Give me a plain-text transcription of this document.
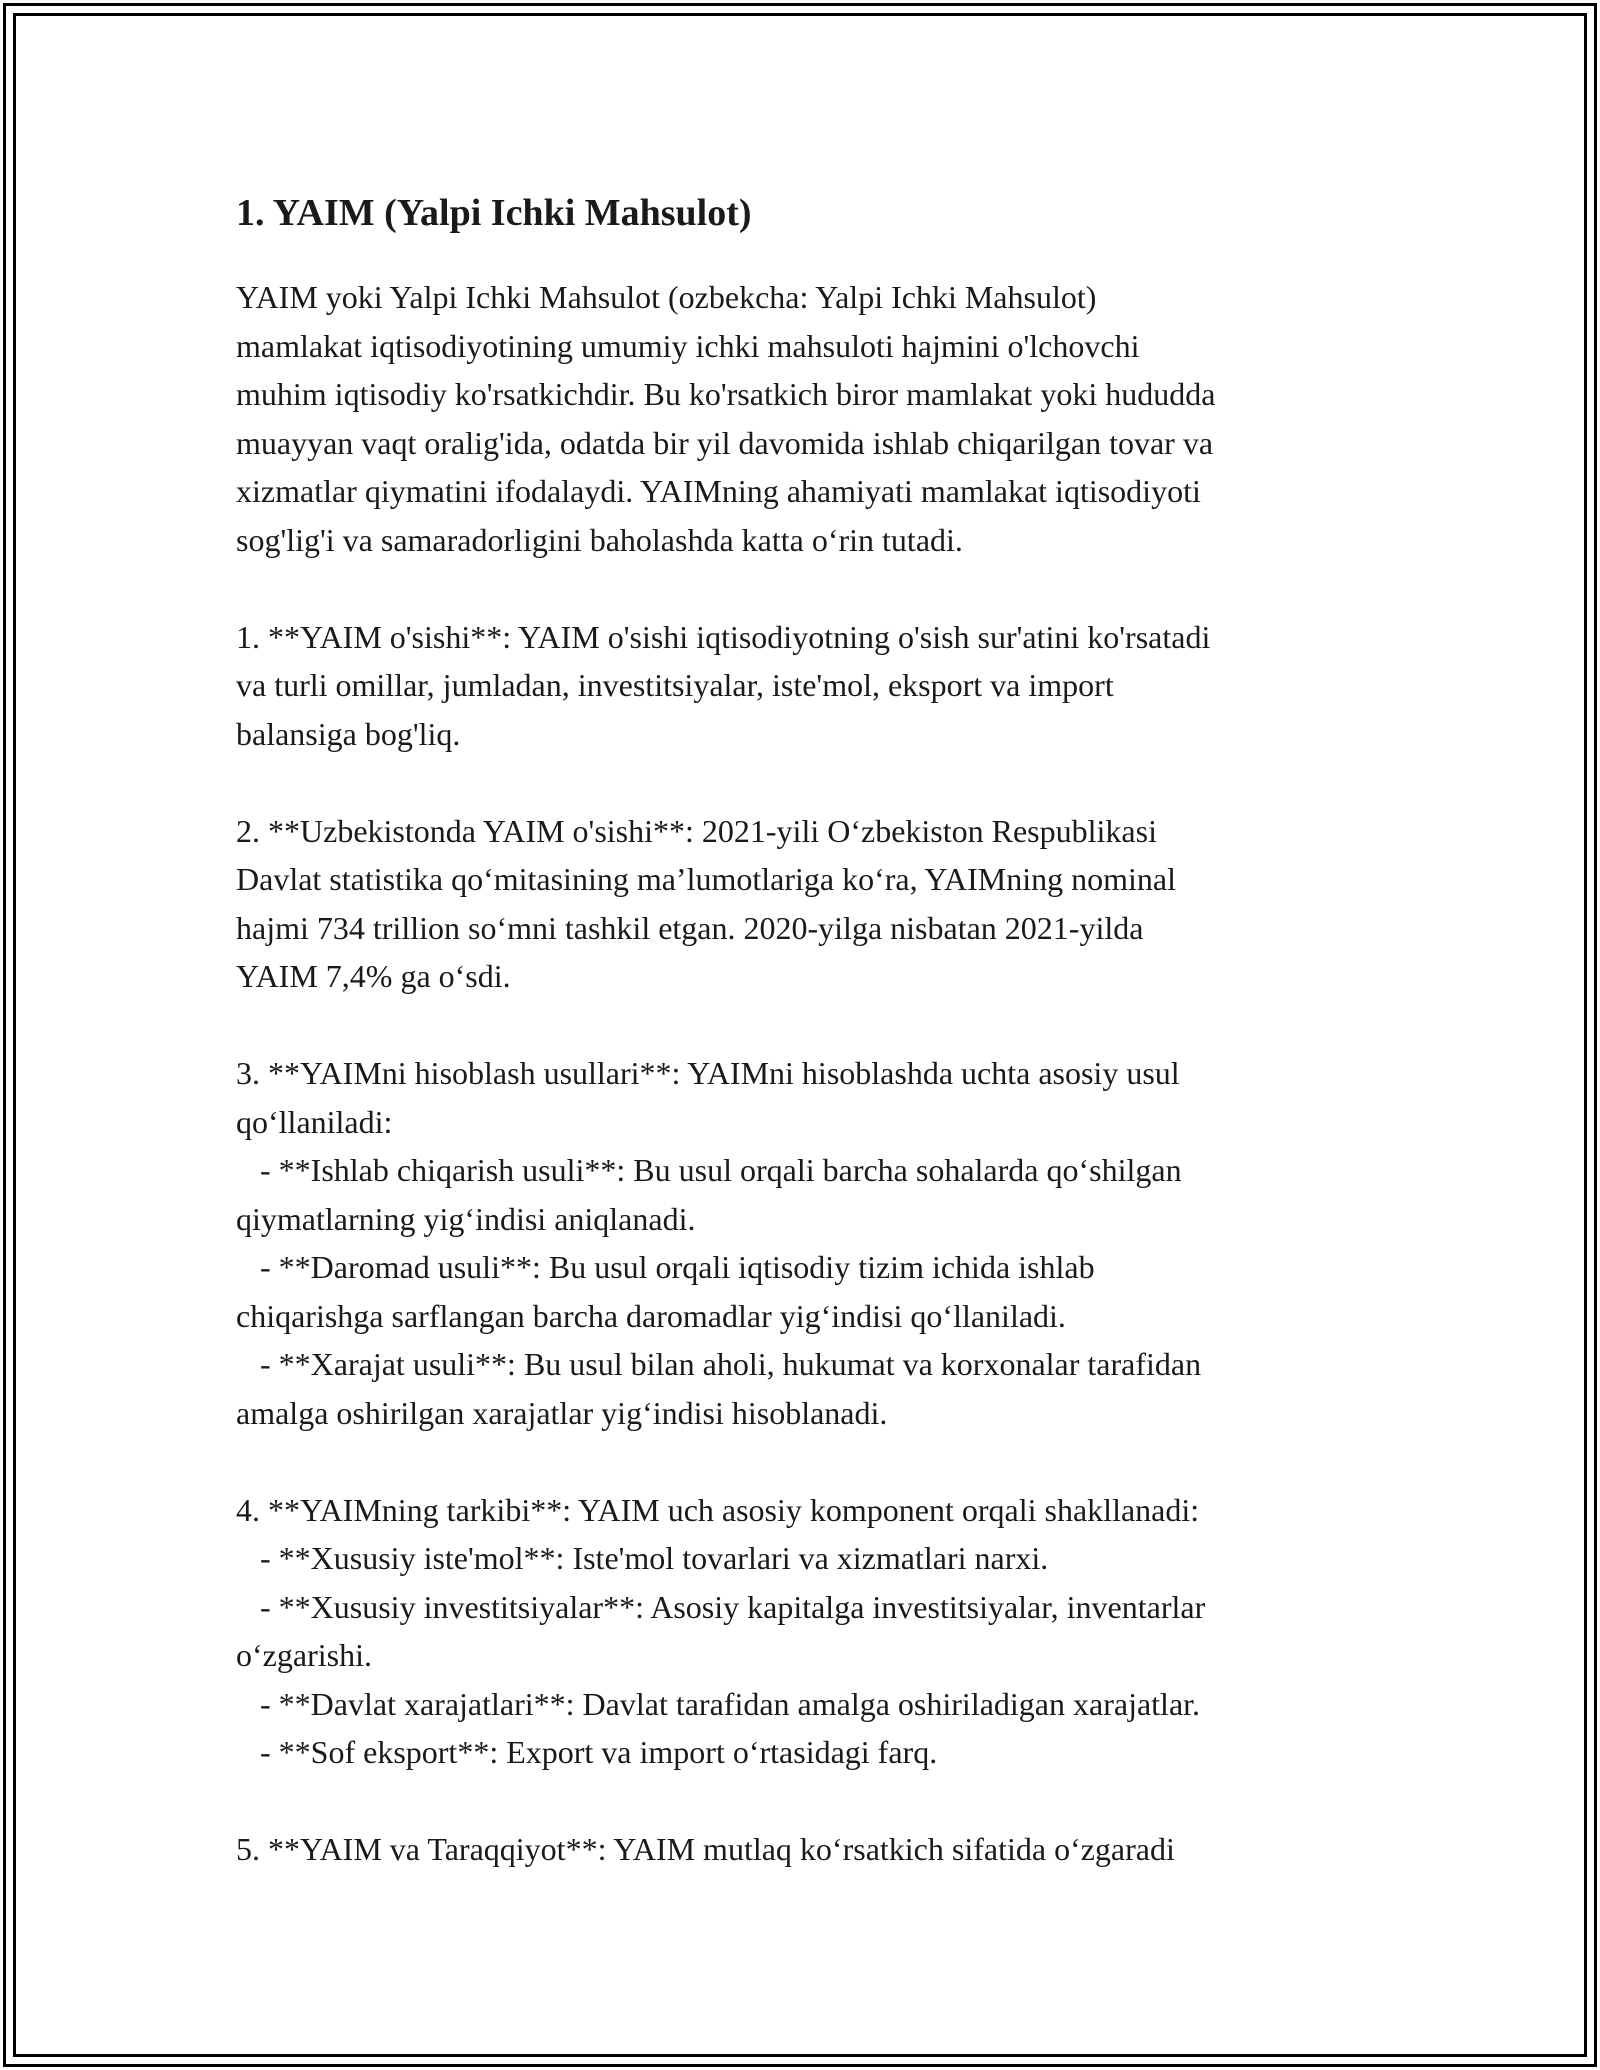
1. YAIM (Yalpi Ichki Mahsulot)

YAIM yoki Yalpi Ichki Mahsulot (ozbekcha: Yalpi Ichki Mahsulot)
mamlakat iqtisodiyotining umumiy ichki mahsuloti hajmini o'lchovchi
muhim iqtisodiy ko'rsatkichdir. Bu ko'rsatkich biror mamlakat yoki hududda
muayyan vaqt oralig'ida, odatda bir yil davomida ishlab chiqarilgan tovar va
xizmatlar qiymatini ifodalaydi. YAIMning ahamiyati mamlakat iqtisodiyoti
sog'lig'i va samaradorligini baholashda katta o‘rin tutadi.

1. **YAIM o'sishi**: YAIM o'sishi iqtisodiyotning o'sish sur'atini ko'rsatadi
va turli omillar, jumladan, investitsiyalar, iste'mol, eksport va import
balansiga bog'liq.

2. **Uzbekistonda YAIM o'sishi**: 2021-yili O‘zbekiston Respublikasi
Davlat statistika qo‘mitasining ma’lumotlariga ko‘ra, YAIMning nominal
hajmi 734 trillion so‘mni tashkil etgan. 2020-yilga nisbatan 2021-yilda
YAIM 7,4% ga o‘sdi.

3. **YAIMni hisoblash usullari**: YAIMni hisoblashda uchta asosiy usul
qo‘llaniladi:
- **Ishlab chiqarish usuli**: Bu usul orqali barcha sohalarda qo‘shilgan
qiymatlarning yig‘indisi aniqlanadi.
- **Daromad usuli**: Bu usul orqali iqtisodiy tizim ichida ishlab
chiqarishga sarflangan barcha daromadlar yig‘indisi qo‘llaniladi.
- **Xarajat usuli**: Bu usul bilan aholi, hukumat va korxonalar tarafidan
amalga oshirilgan xarajatlar yig‘indisi hisoblanadi.

4. **YAIMning tarkibi**: YAIM uch asosiy komponent orqali shakllanadi:
- **Xususiy iste'mol**: Iste'mol tovarlari va xizmatlari narxi.
- **Xususiy investitsiyalar**: Asosiy kapitalga investitsiyalar, inventarlar
o‘zgarishi.
- **Davlat xarajatlari**: Davlat tarafidan amalga oshiriladigan xarajatlar.
- **Sof eksport**: Export va import o‘rtasidagi farq.

5. **YAIM va Taraqqiyot**: YAIM mutlaq ko‘rsatkich sifatida o‘zgaradi
